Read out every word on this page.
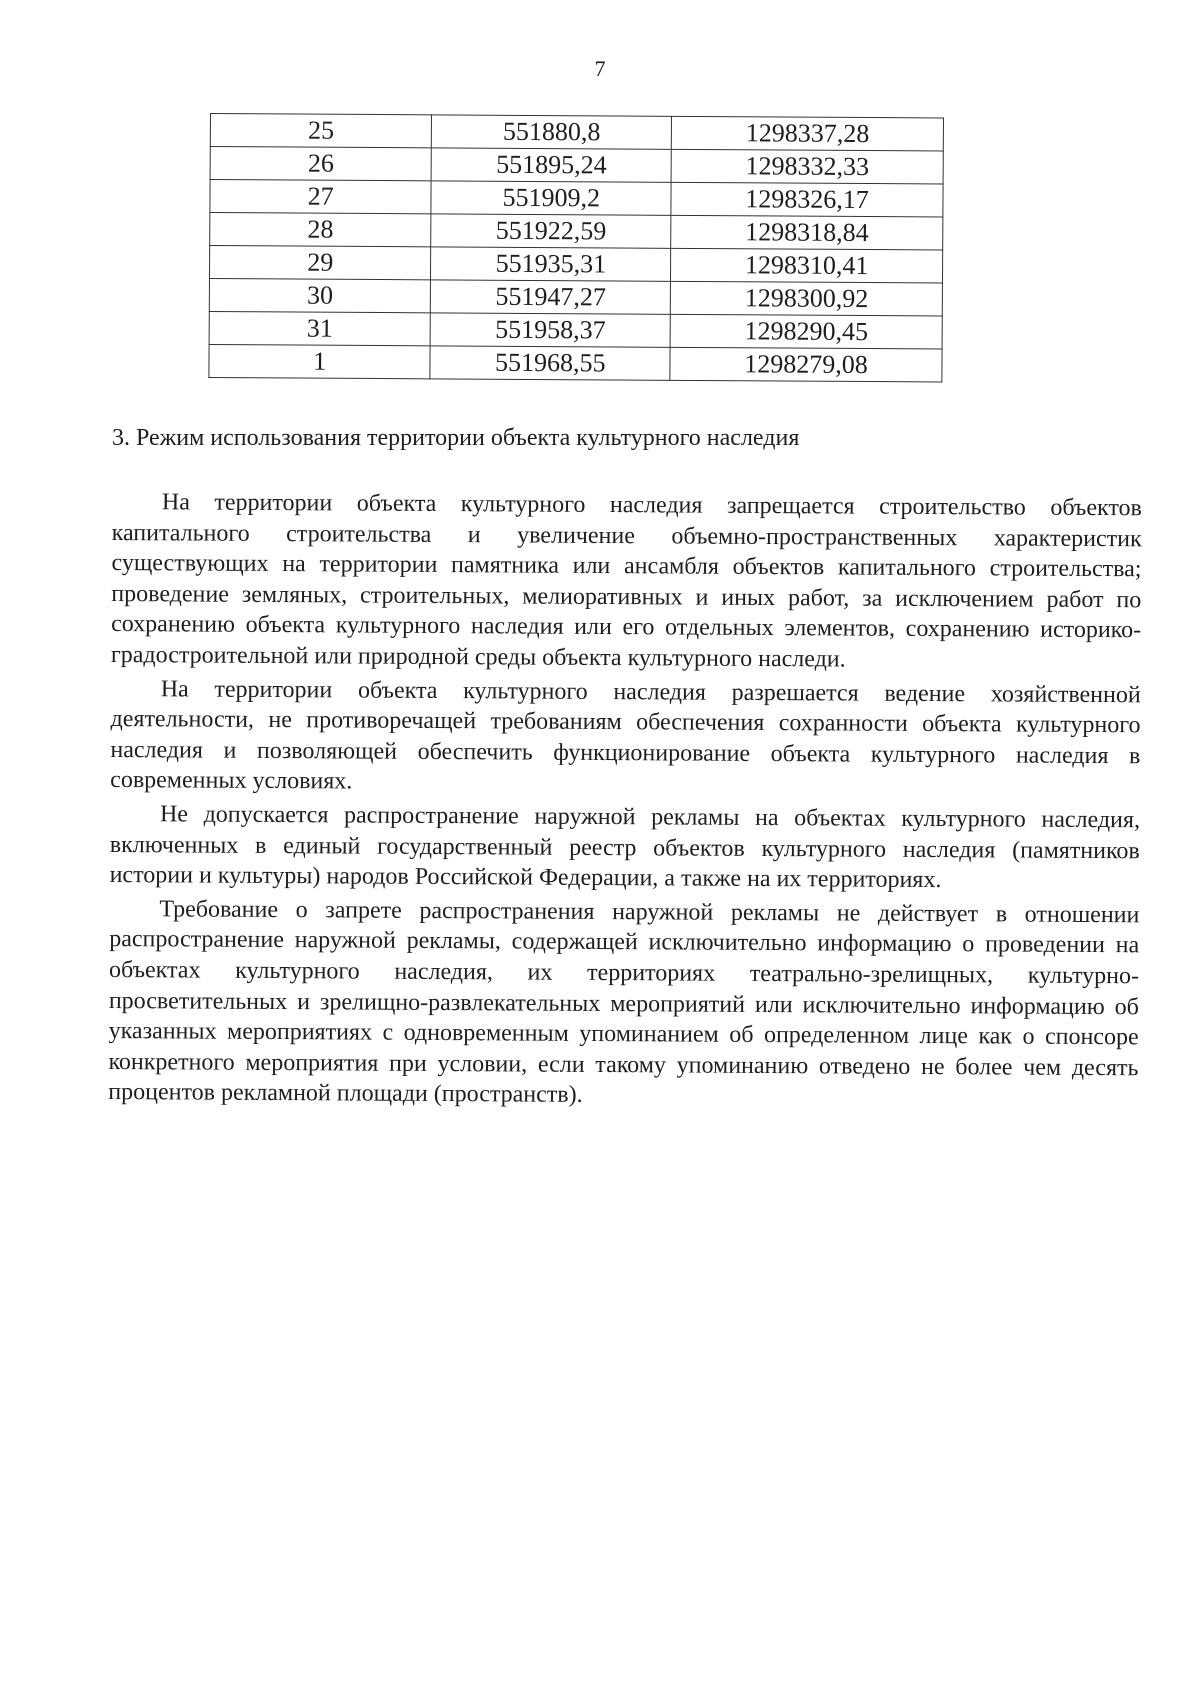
7
25	551880,8	1298337,28
26	551895,24	1298332,33
27	551909,2	1298326,17
28	551922,59	1298318,84
29	551935,31	1298310,41
30	551947,27	1298300,92
31	551958,37	1298290,45
1	551968,55	1298279,08
3. Режим использования территории объекта культурного наследия

На территории объекта культурного наследия запрещается строительство объектов капитального строительства и увеличение объемно-пространственных характеристик существующих на территории памятника или ансамбля объектов капитального строительства; проведение земляных, строительных, мелиоративных и иных работ, за исключением работ по сохранению объекта культурного наследия или его отдельных элементов, сохранению историко-градостроительной или природной среды объекта культурного наследи.

На территории объекта культурного наследия разрешается ведение хозяйственной деятельности, не противоречащей требованиям обеспечения сохранности объекта культурного наследия и позволяющей обеспечить функционирование объекта культурного наследия в современных условиях.

Не допускается распространение наружной рекламы на объектах культурного наследия, включенных в единый государственный реестр объектов культурного наследия (памятников истории и культуры) народов Российской Федерации, а также на их территориях.

Требование о запрете распространения наружной рекламы не действует в отношении распространение наружной рекламы, содержащей исключительно информацию о проведении на объектах культурного наследия, их территориях театрально-зрелищных, культурно-просветительных и зрелищно-развлекательных мероприятий или исключительно информацию об указанных мероприятиях с одновременным упоминанием об определенном лице как о спонсоре конкретного мероприятия при условии, если такому упоминанию отведено не более чем десять процентов рекламной площади (пространств).
